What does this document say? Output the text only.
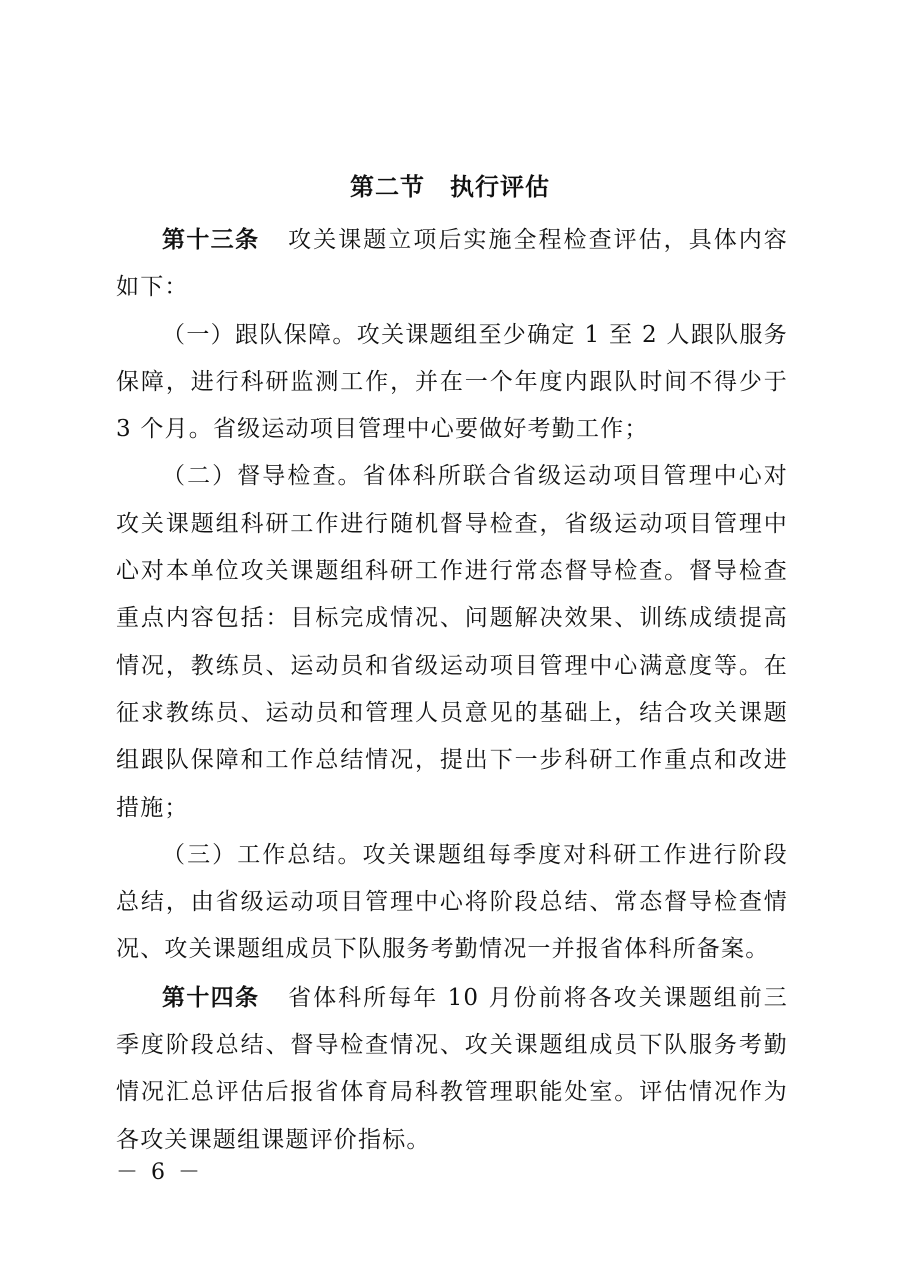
第二节　执行评估

第十三条 攻关课题立项后实施全程检查评估，具体内容如下：

（一）跟队保障。攻关课题组至少确定 1 至 2 人跟队服务保障，进行科研监测工作，并在一个年度内跟队时间不得少于 3 个月。省级运动项目管理中心要做好考勤工作；

（二）督导检查。省体科所联合省级运动项目管理中心对攻关课题组科研工作进行随机督导检查，省级运动项目管理中心对本单位攻关课题组科研工作进行常态督导检查。督导检查重点内容包括：目标完成情况、问题解决效果、训练成绩提高情况，教练员、运动员和省级运动项目管理中心满意度等。在征求教练员、运动员和管理人员意见的基础上，结合攻关课题组跟队保障和工作总结情况，提出下一步科研工作重点和改进措施；

（三）工作总结。攻关课题组每季度对科研工作进行阶段总结，由省级运动项目管理中心将阶段总结、常态督导检查情况、攻关课题组成员下队服务考勤情况一并报省体科所备案。

第十四条 省体科所每年 10 月份前将各攻关课题组前三季度阶段总结、督导检查情况、攻关课题组成员下队服务考勤情况汇总评估后报省体育局科教管理职能处室。评估情况作为各攻关课题组课题评价指标。

－ 6 －
